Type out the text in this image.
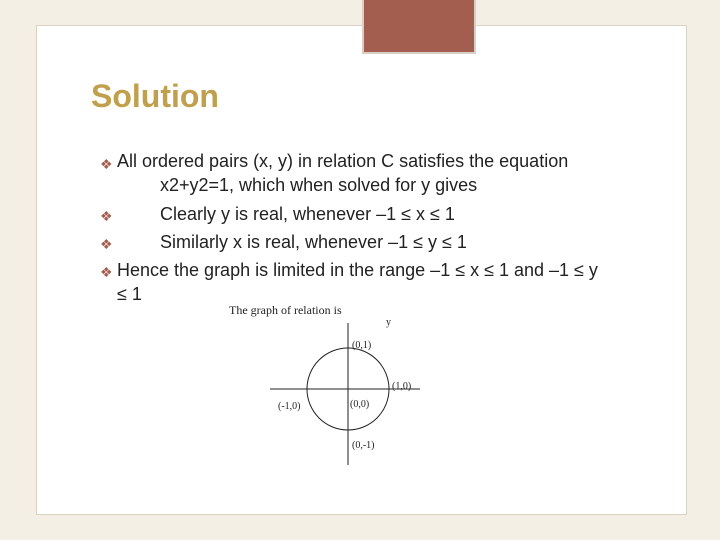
Solution
❖ All ordered pairs (x, y) in relation C satisfies the equation
x2+y2=1, which when solved for y gives
❖	Clearly y is real, whenever –1 ≤ x ≤ 1
❖	Similarly x is real, whenever –1 ≤ y ≤ 1
❖ Hence the graph is limited in the range –1 ≤ x ≤ 1 and –1 ≤ y
≤ 1
The graph of relation is
y
(0,1)
(1,0)
(-1,0)	(0,0)
(0,-1)
